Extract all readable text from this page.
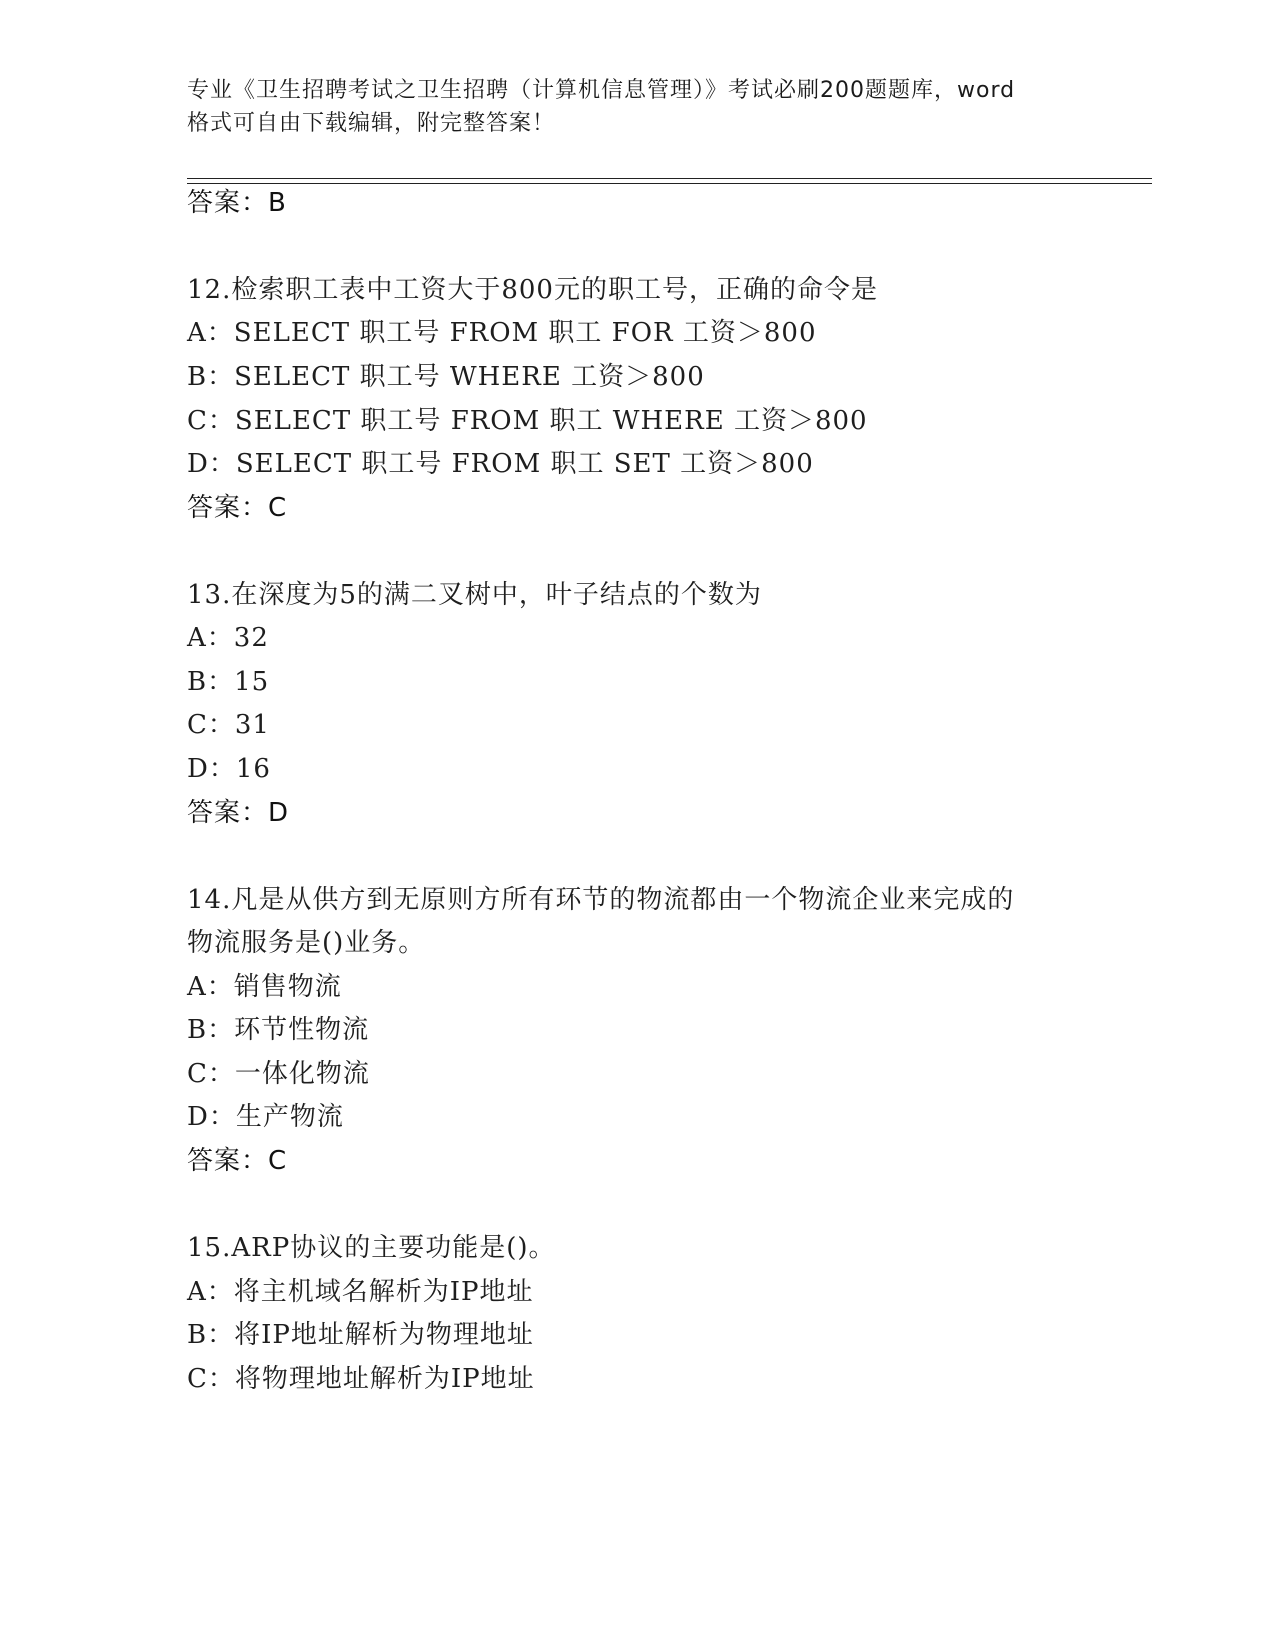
专业《卫生招聘考试之卫生招聘（计算机信息管理）》考试必刷200题题库，word
格式可自由下载编辑，附完整答案！
答案：B
12.检索职工表中工资大于800元的职工号，正确的命令是
A：SELECT 职工号 FROM 职工 FOR 工资＞800
B：SELECT 职工号 WHERE 工资＞800
C：SELECT 职工号 FROM 职工 WHERE 工资＞800
D：SELECT 职工号 FROM 职工 SET 工资＞800
答案：C
13.在深度为5的满二叉树中，叶子结点的个数为
A：32
B：15
C：31
D：16
答案：D
14.凡是从供方到无原则方所有环节的物流都由一个物流企业来完成的
物流服务是()业务。
A：销售物流
B：环节性物流
C：一体化物流
D：生产物流
答案：C
15.ARP协议的主要功能是()。
A：将主机域名解析为IP地址
B：将IP地址解析为物理地址
C：将物理地址解析为IP地址
